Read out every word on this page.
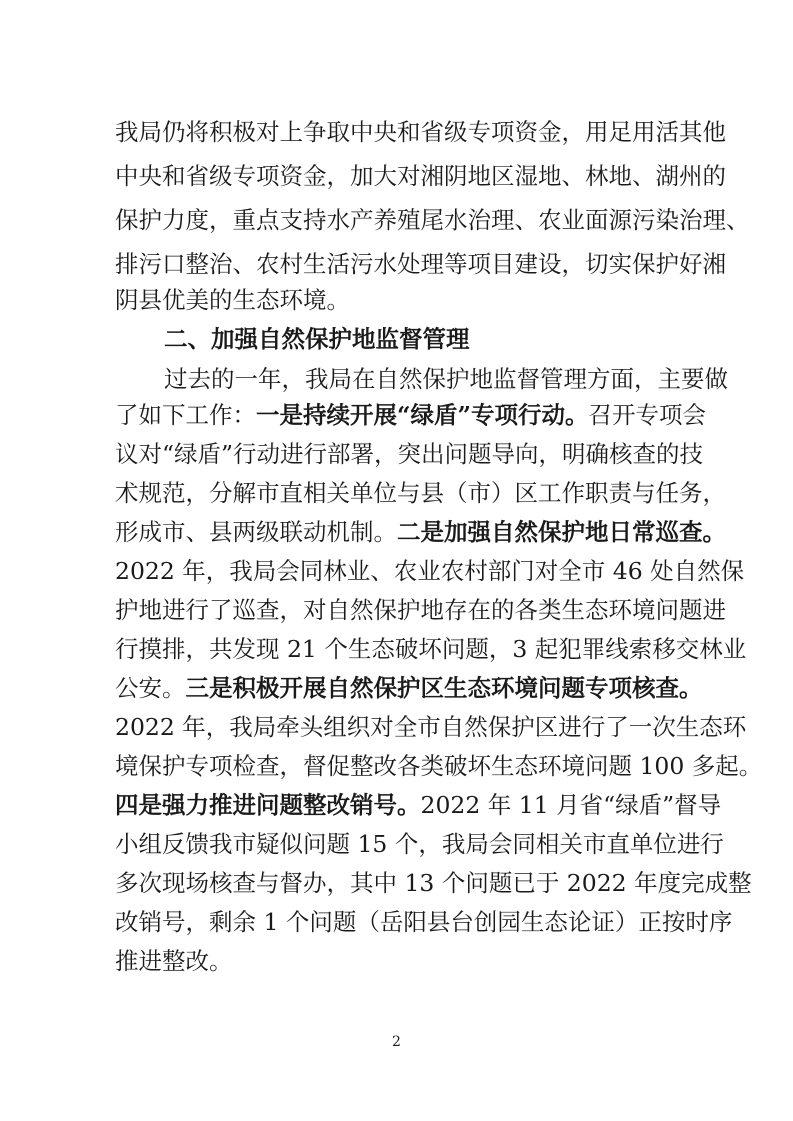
我局仍将积极对上争取中央和省级专项资金，用足用活其他
中央和省级专项资金，加大对湘阴地区湿地、林地、湖州的
保护力度，重点支持水产养殖尾水治理、农业面源污染治理、
排污口整治、农村生活污水处理等项目建设，切实保护好湘
阴县优美的生态环境。
二、加强自然保护地监督管理
过去的一年，我局在自然保护地监督管理方面，主要做
了如下工作：一是持续开展“绿盾”专项行动。召开专项会
议对“绿盾”行动进行部署，突出问题导向，明确核查的技
术规范，分解市直相关单位与县（市）区工作职责与任务，
形成市、县两级联动机制。二是加强自然保护地日常巡查。
2022 年，我局会同林业、农业农村部门对全市 46 处自然保
护地进行了巡查，对自然保护地存在的各类生态环境问题进
行摸排，共发现 21 个生态破坏问题，3 起犯罪线索移交林业
公安。三是积极开展自然保护区生态环境问题专项核查。
2022 年，我局牵头组织对全市自然保护区进行了一次生态环
境保护专项检查，督促整改各类破坏生态环境问题 100 多起。
四是强力推进问题整改销号。2022 年 11 月省“绿盾”督导
小组反馈我市疑似问题 15 个，我局会同相关市直单位进行
多次现场核查与督办，其中 13 个问题已于 2022 年度完成整
改销号，剩余 1 个问题（岳阳县台创园生态论证）正按时序
推进整改。
2
